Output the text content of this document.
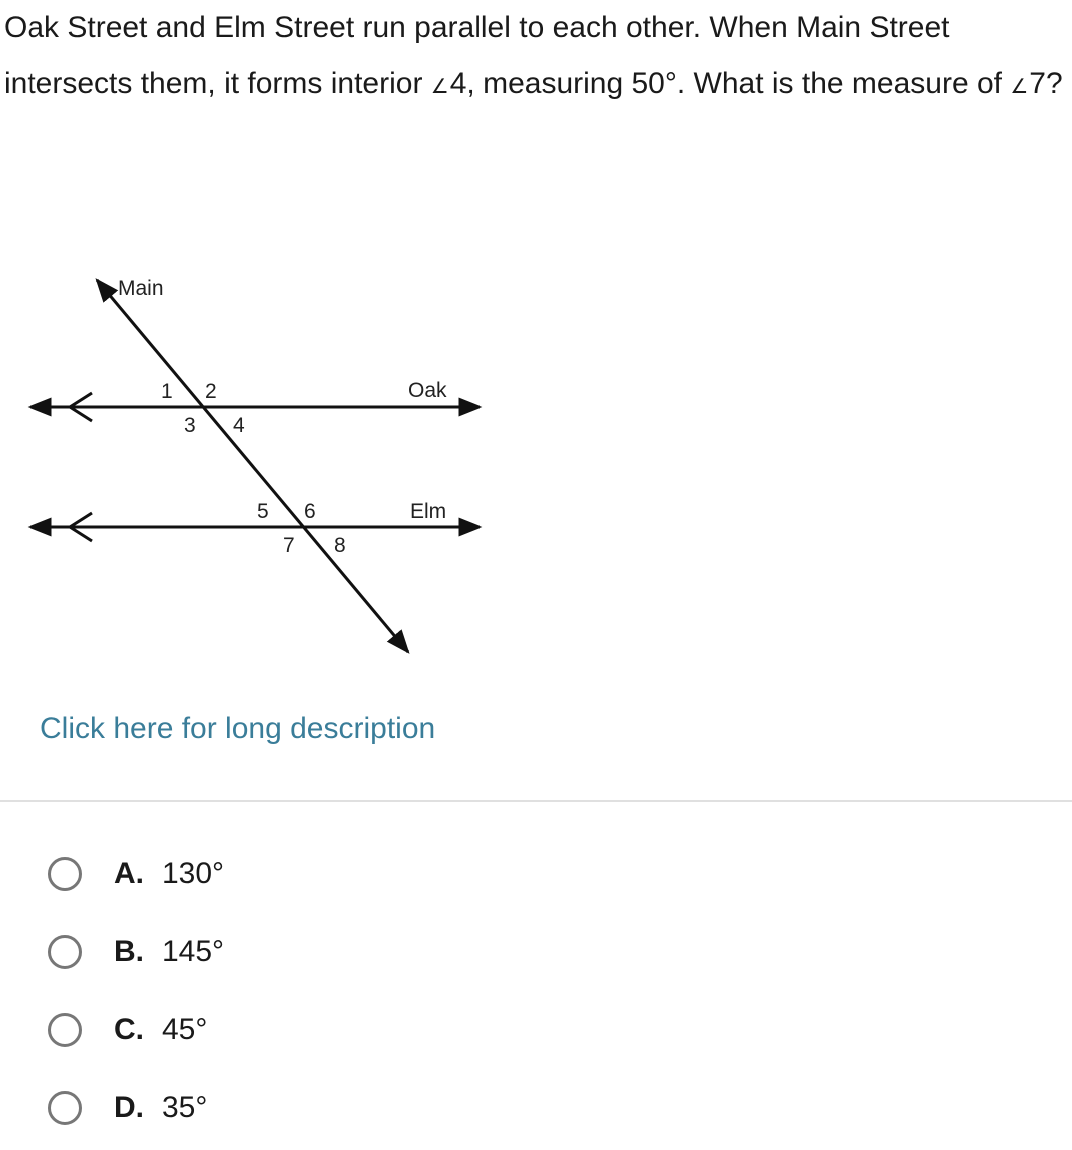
Oak Street and Elm Street run parallel to each other. When Main Street intersects them, it forms interior ∠4, measuring 50°. What is the measure of ∠7?

Main
Oak
Elm
1 2
3 4
5 6
7 8
Click here for long description
A. 130°
B. 145°
C. 45°
D. 35°
